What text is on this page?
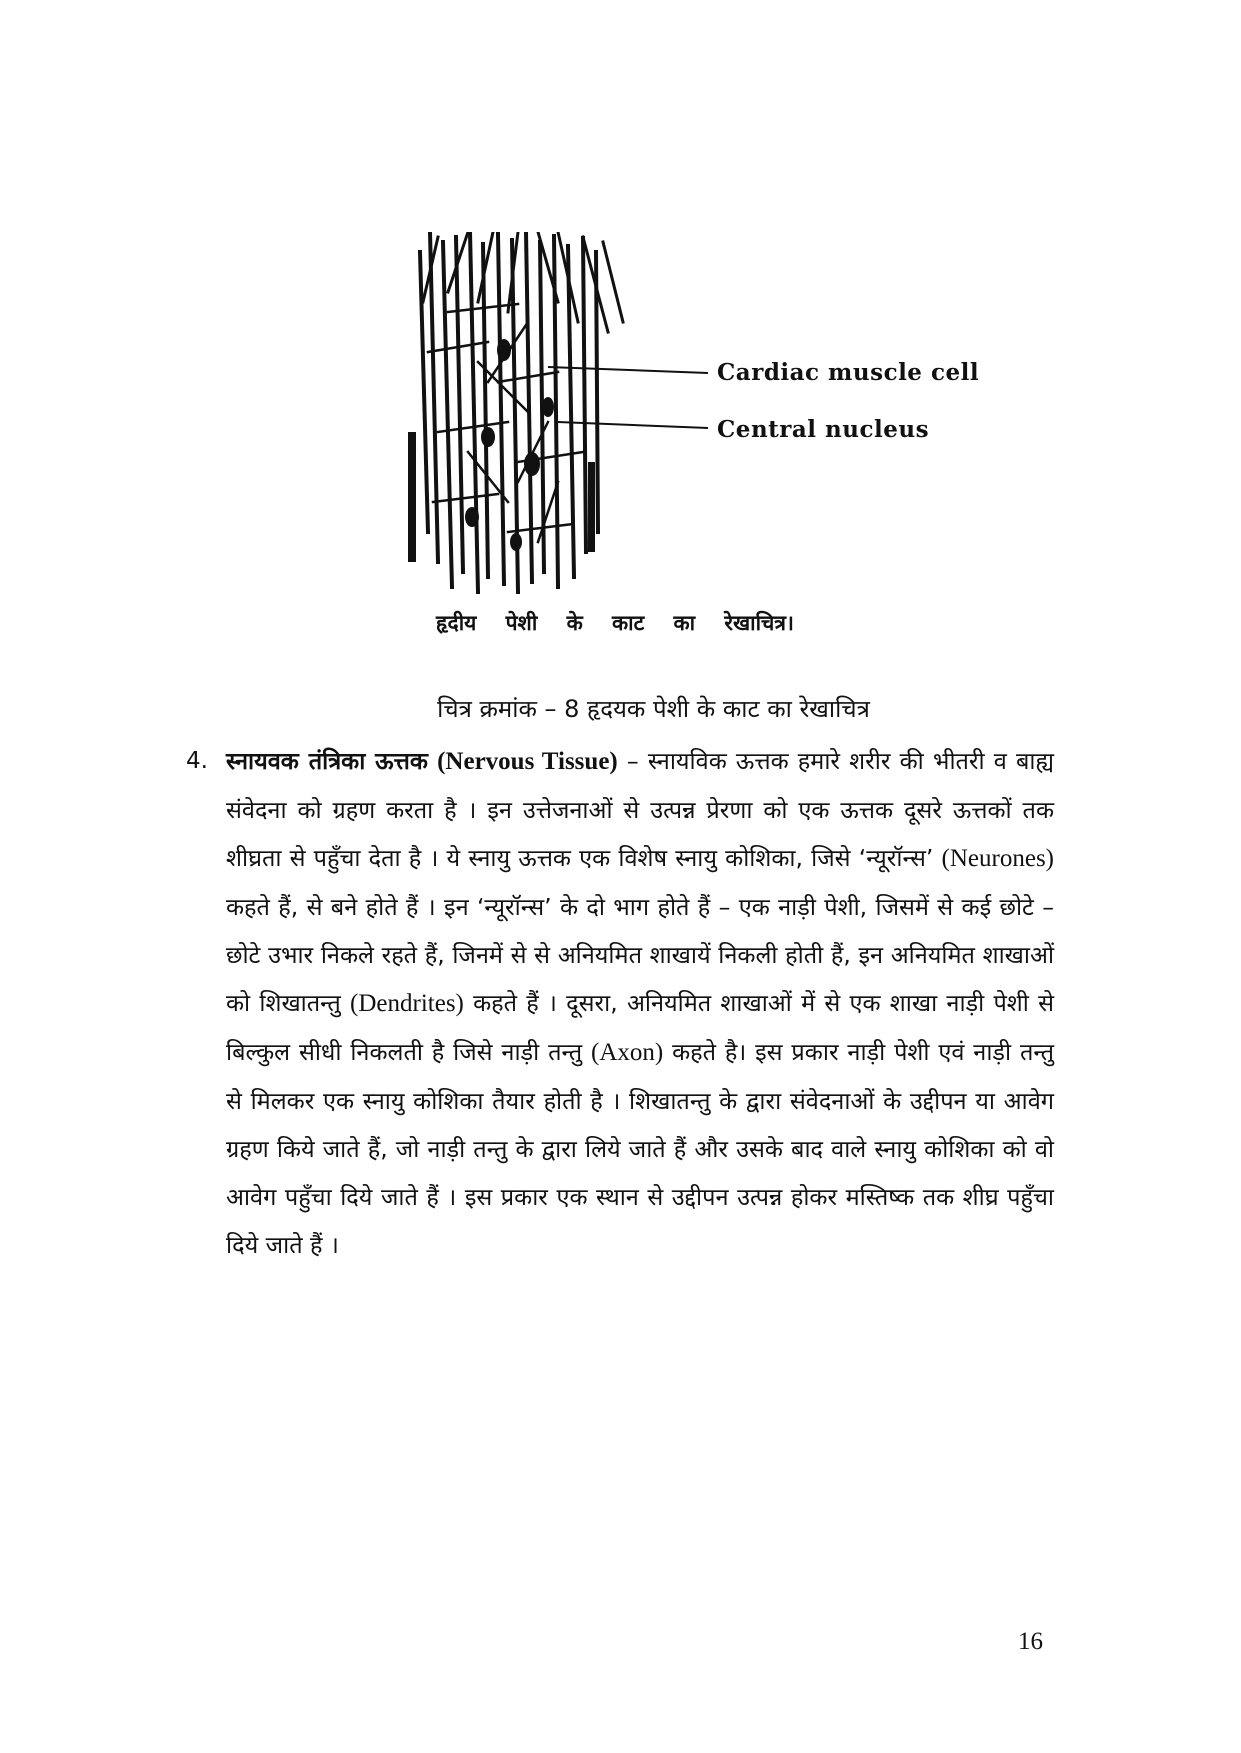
Cardiac muscle cell
Central nucleus
हृदीय पेशी के काट का रेखाचित्र।
चित्र क्रमांक – 8 हृदयक पेशी के काट का रेखाचित्र
4. स्नायवक तंत्रिका ऊत्तक (Nervous Tissue) – स्नायविक ऊत्तक हमारे शरीर की भीतरी व बाह्य संवेदना को ग्रहण करता है । इन उत्तेजनाओं से उत्पन्न प्रेरणा को एक ऊत्तक दूसरे ऊत्तकों तक शीघ्रता से पहुँचा देता है । ये स्नायु ऊत्तक एक विशेष स्नायु कोशिका, जिसे ‘न्यूरॉन्स’ (Neurones) कहते हैं, से बने होते हैं । इन ‘न्यूरॉन्स’ के दो भाग होते हैं – एक नाड़ी पेशी, जिसमें से कई छोटे – छोटे उभार निकले रहते हैं, जिनमें से से अनियमित शाखायें निकली होती हैं, इन अनियमित शाखाओं को शिखातन्तु (Dendrites) कहते हैं । दूसरा, अनियमित शाखाओं में से एक शाखा नाड़ी पेशी से बिल्कुल सीधी निकलती है जिसे नाड़ी तन्तु (Axon) कहते है। इस प्रकार नाड़ी पेशी एवं नाड़ी तन्तु से मिलकर एक स्नायु कोशिका तैयार होती है । शिखातन्तु के द्वारा संवेदनाओं के उद्दीपन या आवेग ग्रहण किये जाते हैं, जो नाड़ी तन्तु के द्वारा लिये जाते हैं और उसके बाद वाले स्नायु कोशिका को वो आवेग पहुँचा दिये जाते हैं । इस प्रकार एक स्थान से उद्दीपन उत्पन्न होकर मस्तिष्क तक शीघ्र पहुँचा दिये जाते हैं ।

16
